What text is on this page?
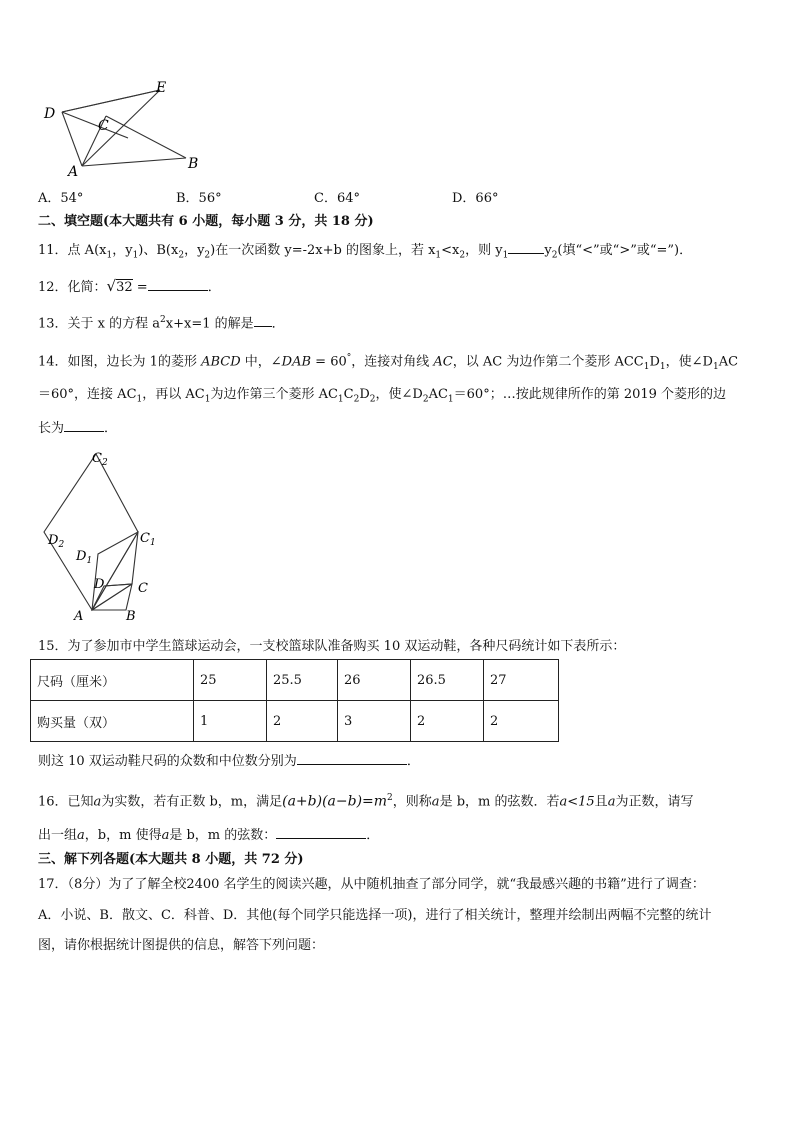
D
E
C
A	B
A．54°	B．56°	C．64°	D．66°
二、填空题(本大题共有 6 小题，每小题 3 分，共 18 分)
11．点 $A(x_1$，$y_1$)、$B(x_2$，$y_2$)在一次函数 y=-2x+b 的图象上，若 $x_1<x_2$，则 $y_1$	$y_2$(填“<”或“>”或“=”)．
12．化简：√32 =	．
13．关于 x 的方程 $a^2x+x=1$ 的解是 ．
14．如图，边长为 1的菱形 ABCD 中，∠DAB = 60°，连接对角线 AC，以 AC 为边作第二个菱形 $ACC_1D_1$，使$\angle D_1AC$
＝60°，连接 $AC_1$，再以 $AC_1$为边作第三个菱形 $AC_1C_2D_2$，使$\angle D_2AC_1=60^\circ$；…按此规律所作的第 2019 个菱形的边
长为	．
$C_2$
$D_2$	$C_1$
$D_1$
D	C
A	B
15．为了参加市中学生篮球运动会，一支校篮球队准备购买 10 双运动鞋，各种尺码统计如下表所示：
尺码（厘米）	25	25.5	26	26.5	27
购买量（双）	1	2	3	2	2
则这 10 双运动鞋尺码的众数和中位数分别为	．
16．已知a为实数，若有正数 b，m，满足$(a+b)(a-b)=m^2$，则称a是 b，m 的弦数．若a<15且a为正数，请写
出一组a，b，m 使得a是 b，m 的弦数：	．
三、解下列各题(本大题共 8 小题，共 72 分)
17．（8分）为了了解全校2400 名学生的阅读兴趣，从中随机抽查了部分同学，就“我最感兴趣的书籍”进行了调查：
A．小说、B．散文、C．科普、D．其他(每个同学只能选择一项)，进行了相关统计，整理并绘制出两幅不完整的统计
图，请你根据统计图提供的信息，解答下列问题：
